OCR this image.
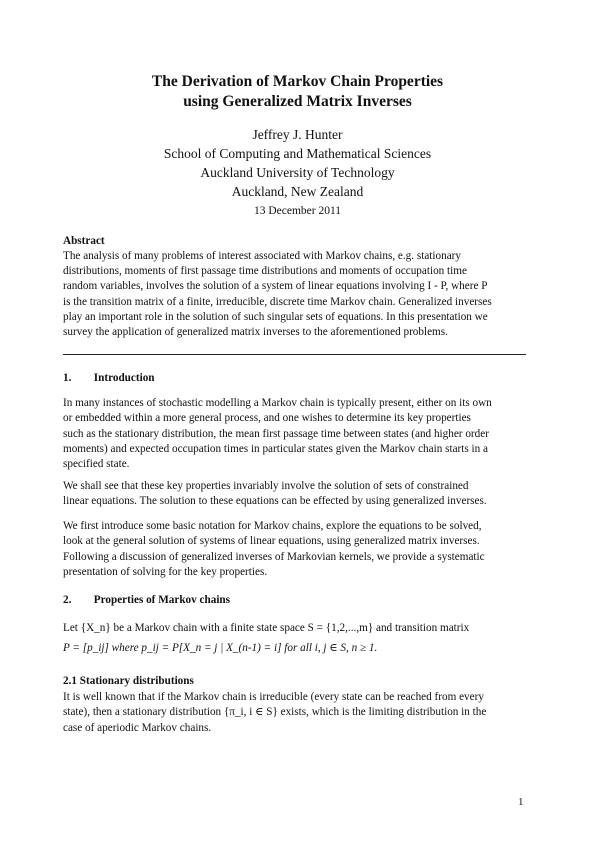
The Derivation of Markov Chain Properties
using Generalized Matrix Inverses
Jeffrey J. Hunter
School of Computing and Mathematical Sciences
Auckland University of Technology
Auckland, New Zealand
13 December 2011
Abstract
The analysis of many problems of interest associated with Markov chains, e.g. stationary
distributions, moments of first passage time distributions and moments of occupation time
random variables, involves the solution of a system of linear equations involving I - P, where P
is the transition matrix of a finite, irreducible, discrete time Markov chain. Generalized inverses
play an important role in the solution of such singular sets of equations. In this presentation we
survey the application of generalized matrix inverses to the aforementioned problems.
1. Introduction
In many instances of stochastic modelling a Markov chain is typically present, either on its own
or embedded within a more general process, and one wishes to determine its key properties
such as the stationary distribution, the mean first passage time between states (and higher order
moments) and expected occupation times in particular states given the Markov chain starts in a
specified state.
We shall see that these key properties invariably involve the solution of sets of constrained
linear equations. The solution to these equations can be effected by using generalized inverses.
We first introduce some basic notation for Markov chains, explore the equations to be solved,
look at the general solution of systems of linear equations, using generalized matrix inverses.
Following a discussion of generalized inverses of Markovian kernels, we provide a systematic
presentation of solving for the key properties.
2. Properties of Markov chains
Let {X_n} be a Markov chain with a finite state space S = {1,2,...,m} and transition matrix
P = [p_ij] where p_ij = P[X_n = j | X_(n-1) = i] for all i, j ∈ S, n ≥ 1.
2.1 Stationary distributions
It is well known that if the Markov chain is irreducible (every state can be reached from every
state), then a stationary distribution {π_i, i ∈ S} exists, which is the limiting distribution in the
case of aperiodic Markov chains.
1
